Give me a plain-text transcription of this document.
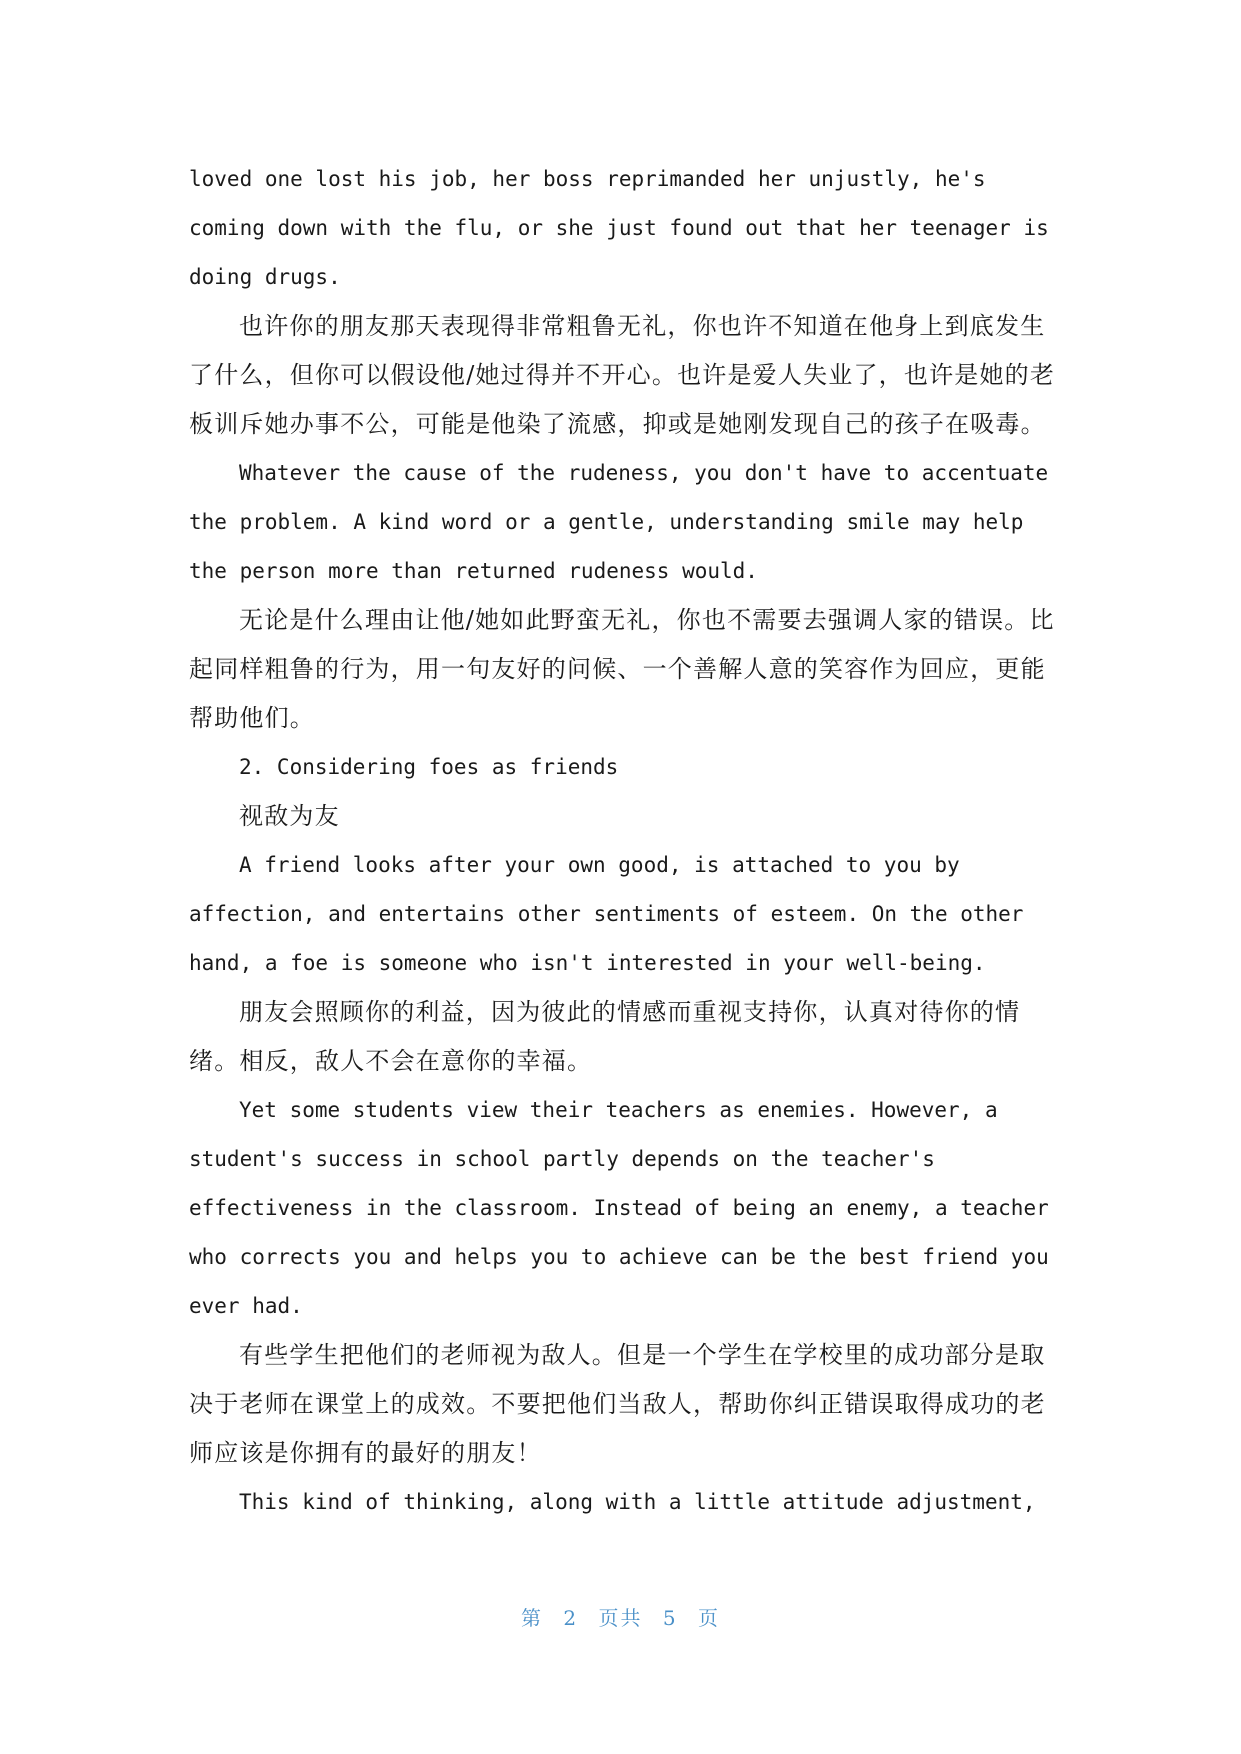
loved one lost his job, her boss reprimanded her unjustly, he's
coming down with the flu, or she just found out that her teenager is
doing drugs.
也许你的朋友那天表现得非常粗鲁无礼，你也许不知道在他身上到底发生
了什么，但你可以假设他/她过得并不开心。也许是爱人失业了，也许是她的老
板训斥她办事不公，可能是他染了流感，抑或是她刚发现自己的孩子在吸毒。
Whatever the cause of the rudeness, you don't have to accentuate
the problem. A kind word or a gentle, understanding smile may help
the person more than returned rudeness would.
无论是什么理由让他/她如此野蛮无礼，你也不需要去强调人家的错误。比
起同样粗鲁的行为，用一句友好的问候、一个善解人意的笑容作为回应，更能
帮助他们。
2. Considering foes as friends
视敌为友
A friend looks after your own good, is attached to you by
affection, and entertains other sentiments of esteem. On the other
hand, a foe is someone who isn't interested in your well-being.
朋友会照顾你的利益，因为彼此的情感而重视支持你，认真对待你的情
绪。相反，敌人不会在意你的幸福。
Yet some students view their teachers as enemies. However, a
student's success in school partly depends on the teacher's
effectiveness in the classroom. Instead of being an enemy, a teacher
who corrects you and helps you to achieve can be the best friend you
ever had.
有些学生把他们的老师视为敌人。但是一个学生在学校里的成功部分是取
决于老师在课堂上的成效。不要把他们当敌人，帮助你纠正错误取得成功的老
师应该是你拥有的最好的朋友！
This kind of thinking, along with a little attitude adjustment,
第 2 页共 5 页
